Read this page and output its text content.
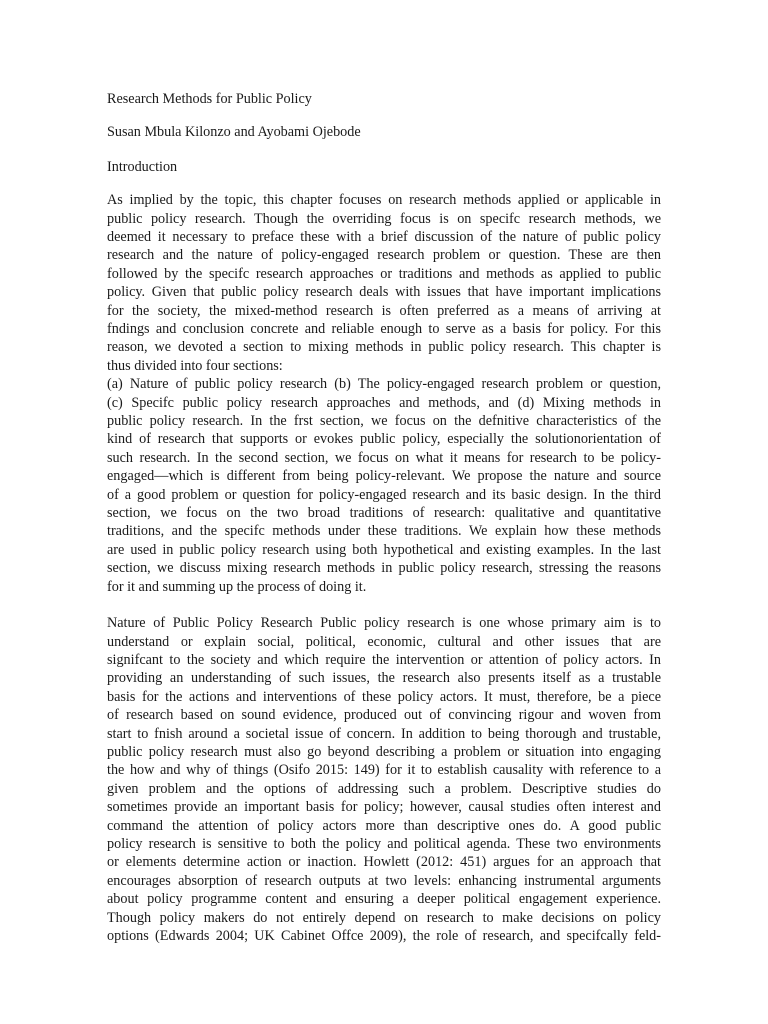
Research Methods for Public Policy

Susan Mbula Kilonzo and Ayobami Ojebode

Introduction

As implied by the topic, this chapter focuses on research methods applied or applicable in
public policy research. Though the overriding focus is on specifc research methods, we
deemed it necessary to preface these with a brief discussion of the nature of public policy
research and the nature of policy-engaged research problem or question. These are then
followed by the specifc research approaches or traditions and methods as applied to public
policy. Given that public policy research deals with issues that have important implications
for the society, the mixed-method research is often preferred as a means of arriving at
fndings and conclusion concrete and reliable enough to serve as a basis for policy. For this
reason, we devoted a section to mixing methods in public policy research. This chapter is
thus divided into four sections:
(a) Nature of public policy research (b) The policy-engaged research problem or question,
(c) Specifc public policy research approaches and methods, and (d) Mixing methods in
public policy research. In the frst section, we focus on the defnitive characteristics of the
kind of research that supports or evokes public policy, especially the solutionorientation of
such research. In the second section, we focus on what it means for research to be policy-
engaged—which is different from being policy-relevant. We propose the nature and source
of a good problem or question for policy-engaged research and its basic design. In the third
section, we focus on the two broad traditions of research: qualitative and quantitative
traditions, and the specifc methods under these traditions. We explain how these methods
are used in public policy research using both hypothetical and existing examples. In the last
section, we discuss mixing research methods in public policy research, stressing the reasons
for it and summing up the process of doing it.
Nature of Public Policy Research Public policy research is one whose primary aim is to
understand or explain social, political, economic, cultural and other issues that are
signifcant to the society and which require the intervention or attention of policy actors. In
providing an understanding of such issues, the research also presents itself as a trustable
basis for the actions and interventions of these policy actors. It must, therefore, be a piece
of research based on sound evidence, produced out of convincing rigour and woven from
start to fnish around a societal issue of concern. In addition to being thorough and trustable,
public policy research must also go beyond describing a problem or situation into engaging
the how and why of things (Osifo 2015: 149) for it to establish causality with reference to a
given problem and the options of addressing such a problem. Descriptive studies do
sometimes provide an important basis for policy; however, causal studies often interest and
command the attention of policy actors more than descriptive ones do. A good public
policy research is sensitive to both the policy and political agenda. These two environments
or elements determine action or inaction. Howlett (2012: 451) argues for an approach that
encourages absorption of research outputs at two levels: enhancing instrumental arguments
about policy programme content and ensuring a deeper political engagement experience.
Though policy makers do not entirely depend on research to make decisions on policy
options (Edwards 2004; UK Cabinet Offce 2009), the role of research, and specifcally feld-
